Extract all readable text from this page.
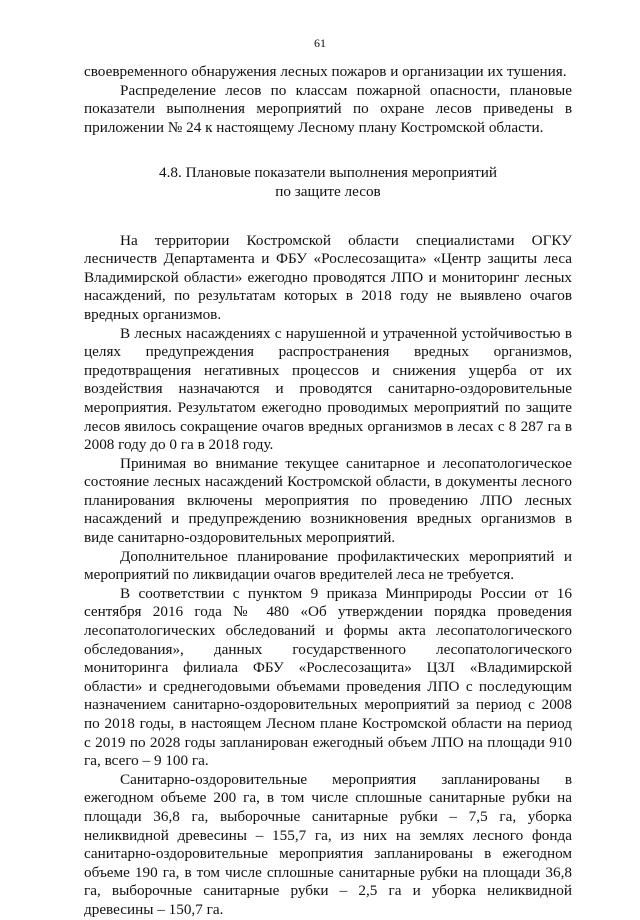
61

своевременного обнаружения лесных пожаров и организации их тушения.

Распределение лесов по классам пожарной опасности, плановые показатели выполнения мероприятий по охране лесов приведены в приложении № 24 к настоящему Лесному плану Костромской области.

4.8. Плановые показатели выполнения мероприятий
по защите лесов

На территории Костромской области специалистами ОГКУ лесничеств Департамента и ФБУ «Рослесозащита» «Центр защиты леса Владимирской области» ежегодно проводятся ЛПО и мониторинг лесных насаждений, по результатам которых в 2018 году не выявлено очагов вредных организмов.

В лесных насаждениях с нарушенной и утраченной устойчивостью в целях предупреждения распространения вредных организмов, предотвращения негативных процессов и снижения ущерба от их воздействия назначаются и проводятся санитарно-оздоровительные мероприятия. Результатом ежегодно проводимых мероприятий по защите лесов явилось сокращение очагов вредных организмов в лесах с 8 287 га в 2008 году до 0 га в 2018 году.

Принимая во внимание текущее санитарное и лесопатологическое состояние лесных насаждений Костромской области, в документы лесного планирования включены мероприятия по проведению ЛПО лесных насаждений и предупреждению возникновения вредных организмов в виде санитарно-оздоровительных мероприятий.

Дополнительное планирование профилактических мероприятий и мероприятий по ликвидации очагов вредителей леса не требуется.

В соответствии с пунктом 9 приказа Минприроды России от 16 сентября 2016 года № 480 «Об утверждении порядка проведения лесопатологических обследований и формы акта лесопатологического обследования», данных государственного лесопатологического мониторинга филиала ФБУ «Рослесозащита» ЦЗЛ «Владимирской области» и среднегодовыми объемами проведения ЛПО с последующим назначением санитарно-оздоровительных мероприятий за период с 2008 по 2018 годы, в настоящем Лесном плане Костромской области на период с 2019 по 2028 годы запланирован ежегодный объем ЛПО на площади 910 га, всего – 9 100 га.

Санитарно-оздоровительные мероприятия запланированы в ежегодном объеме 200 га, в том числе сплошные санитарные рубки на площади 36,8 га, выборочные санитарные рубки – 7,5 га, уборка неликвидной древесины – 155,7 га, из них на землях лесного фонда санитарно-оздоровительные мероприятия запланированы в ежегодном объеме 190 га, в том числе сплошные санитарные рубки на площади 36,8 га, выборочные санитарные рубки – 2,5 га и уборка неликвидной древесины – 150,7 га.
